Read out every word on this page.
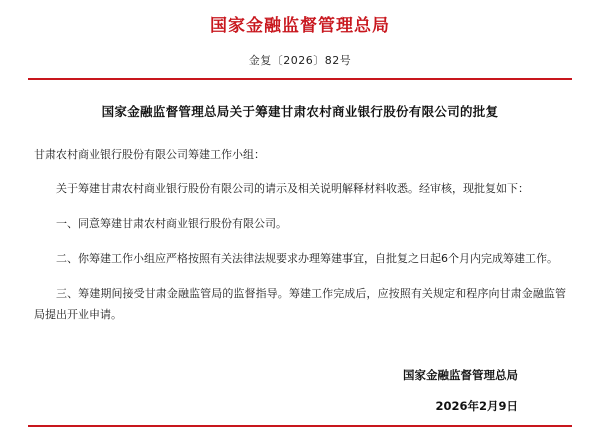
国家金融监督管理总局
金复〔2026〕82号
国家金融监督管理总局关于筹建甘肃农村商业银行股份有限公司的批复
甘肃农村商业银行股份有限公司筹建工作小组：
关于筹建甘肃农村商业银行股份有限公司的请示及相关说明解释材料收悉。经审核，现批复如下：
一、同意筹建甘肃农村商业银行股份有限公司。
二、你筹建工作小组应严格按照有关法律法规要求办理筹建事宜，自批复之日起6个月内完成筹建工作。
三、筹建期间接受甘肃金融监管局的监督指导。筹建工作完成后，应按照有关规定和程序向甘肃金融监管局提出开业申请。
国家金融监督管理总局
2026年2月9日
